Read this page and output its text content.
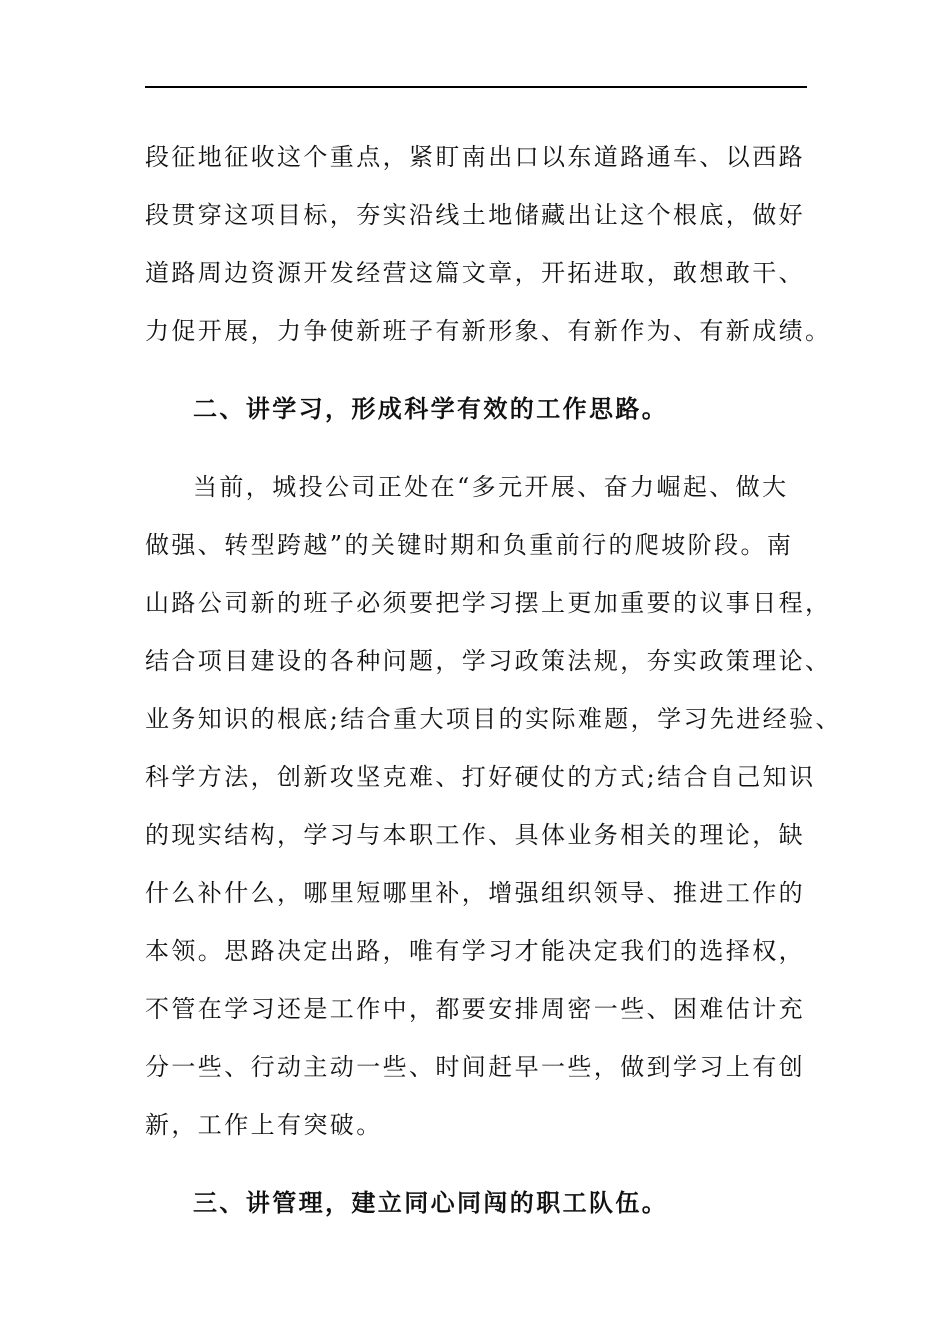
段征地征收这个重点，紧盯南出口以东道路通车、以西路
段贯穿这项目标，夯实沿线土地储藏出让这个根底，做好
道路周边资源开发经营这篇文章，开拓进取，敢想敢干、
力促开展，力争使新班子有新形象、有新作为、有新成绩。
二、讲学习，形成科学有效的工作思路。
当前，城投公司正处在“多元开展、奋力崛起、做大
做强、转型跨越”的关键时期和负重前行的爬坡阶段。南
山路公司新的班子必须要把学习摆上更加重要的议事日程，
结合项目建设的各种问题，学习政策法规，夯实政策理论、
业务知识的根底;结合重大项目的实际难题，学习先进经验、
科学方法，创新攻坚克难、打好硬仗的方式;结合自己知识
的现实结构，学习与本职工作、具体业务相关的理论，缺
什么补什么，哪里短哪里补，增强组织领导、推进工作的
本领。思路决定出路，唯有学习才能决定我们的选择权，
不管在学习还是工作中，都要安排周密一些、困难估计充
分一些、行动主动一些、时间赶早一些，做到学习上有创
新，工作上有突破。
三、讲管理，建立同心同闯的职工队伍。
